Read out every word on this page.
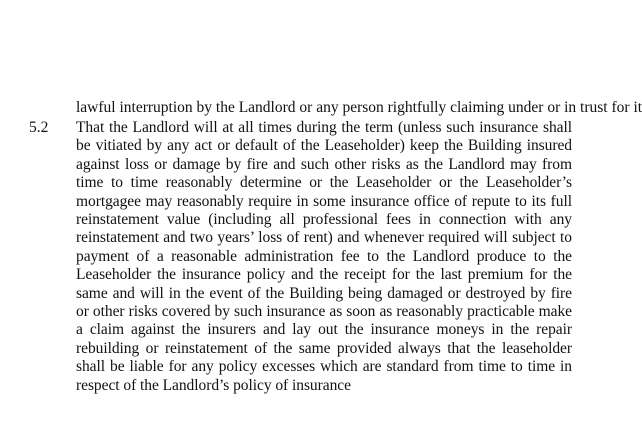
lawful interruption by the Landlord or any person rightfully claiming under or in trust for it
5.2 That the Landlord will at all times during the term (unless such insurance shall be vitiated by any act or default of the Leaseholder) keep the Building insured against loss or damage by fire and such other risks as the Landlord may from time to time reasonably determine or the Leaseholder or the Leaseholder’s mortgagee may reasonably require in some insurance office of repute to its full reinstatement value (including all professional fees in connection with any reinstatement and two years’ loss of rent) and whenever required will subject to payment of a reasonable administration fee to the Landlord produce to the Leaseholder the insurance policy and the receipt for the last premium for the same and will in the event of the Building being damaged or destroyed by fire or other risks covered by such insurance as soon as reasonably practicable make a claim against the insurers and lay out the insurance moneys in the repair rebuilding or reinstatement of the same provided always that the leaseholder shall be liable for any policy excesses which are standard from time to time in respect of the Landlord’s policy of insurance
